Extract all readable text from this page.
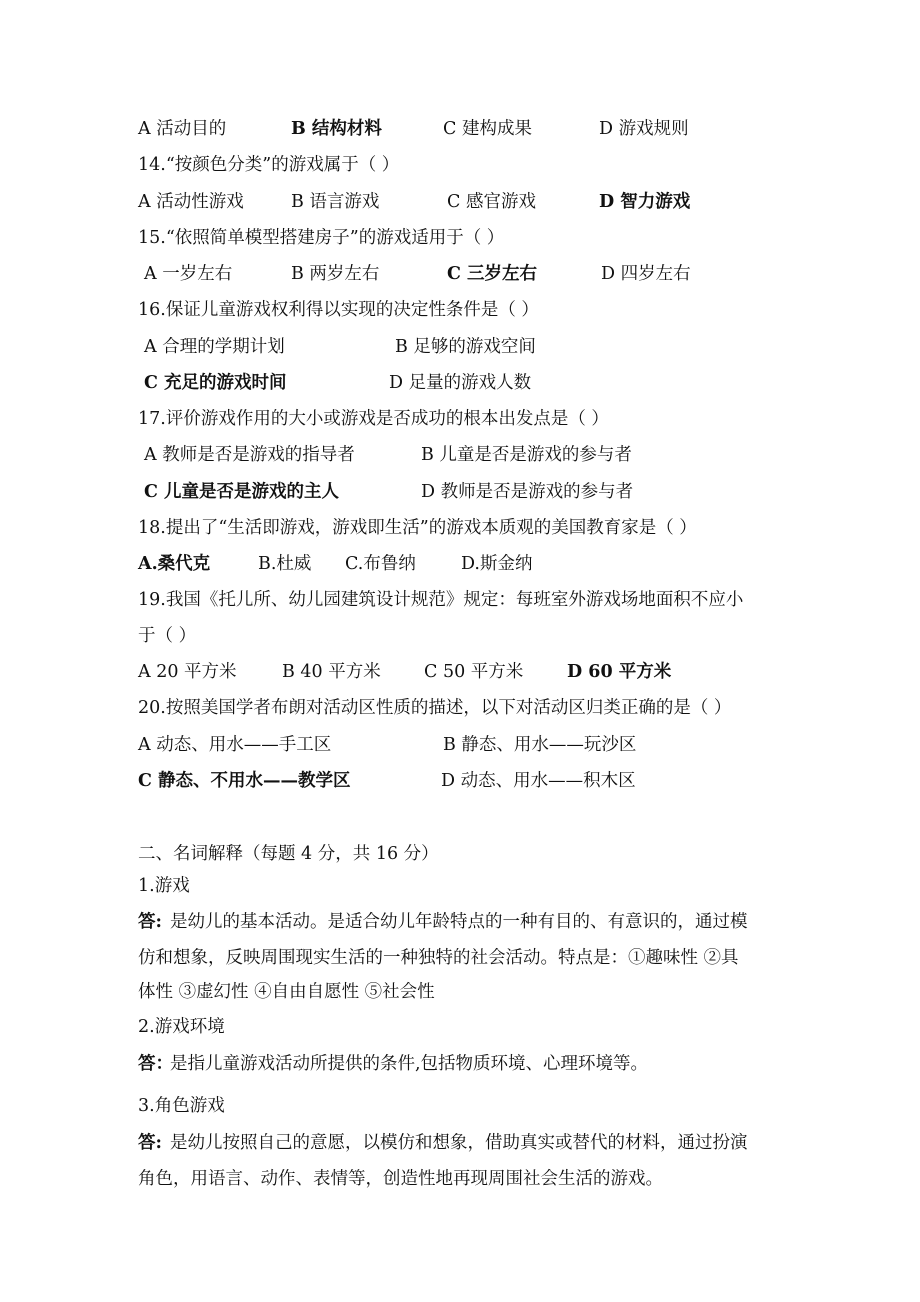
A 活动目的	B 结构材料	C 建构成果	D 游戏规则
14.“按颜色分类”的游戏属于（ ）
A 活动性游戏	B 语言游戏	C 感官游戏	D 智力游戏
15.“依照简单模型搭建房子”的游戏适用于（ ）
A 一岁左右	B 两岁左右	C 三岁左右	D 四岁左右
16.保证儿童游戏权利得以实现的决定性条件是（ ）
A 合理的学期计划	B 足够的游戏空间
C 充足的游戏时间	D 足量的游戏人数
17.评价游戏作用的大小或游戏是否成功的根本出发点是（ ）
A 教师是否是游戏的指导者	B 儿童是否是游戏的参与者
C 儿童是否是游戏的主人	D 教师是否是游戏的参与者
18.提出了“生活即游戏，游戏即生活”的游戏本质观的美国教育家是（ ）
A.桑代克	B.杜威 C.布鲁纳	D.斯金纳
19.我国《托儿所、幼儿园建筑设计规范》规定：每班室外游戏场地面积不应小
于（ ）
A 20 平方米	B 40 平方米 C 50 平方米 D 60 平方米
20.按照美国学者布朗对活动区性质的描述，以下对活动区归类正确的是（ ）
A 动态、用水——手工区	B 静态、用水——玩沙区
C 静态、不用水——教学区	D 动态、用水——积木区
二、名词解释（每题 4 分，共 16 分）
1.游戏
答: 是幼儿的基本活动。是适合幼儿年龄特点的一种有目的、有意识的，通过模
仿和想象，反映周围现实生活的一种独特的社会活动。特点是：①趣味性 ②具
体性 ③虚幻性 ④自由自愿性 ⑤社会性
2.游戏环境
答：
是指儿童游戏活动所提供的条件,包括物质环境、心理环境等。
3.角色游戏
答: 是幼儿按照自己的意愿，以模仿和想象，借助真实或替代的材料，通过扮演
角色，用语言、动作、表情等，创造性地再现周围社会生活的游戏。
